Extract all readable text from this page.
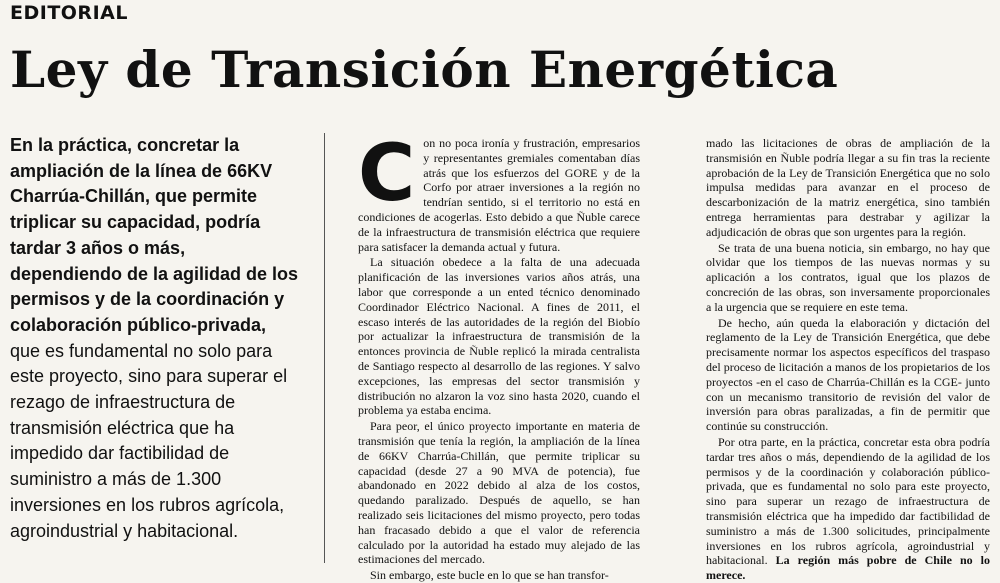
EDITORIAL
Ley de Transición Energética
En la práctica, concretar la ampliación de la línea de 66KV Charrúa-Chillán, que permite triplicar su capacidad, podría tardar 3 años o más, dependiendo de la agilidad de los permisos y de la coordinación y colaboración público-privada, que es fundamental no solo para este proyecto, sino para superar el rezago de infraestructura de transmisión eléctrica que ha impedido dar factibilidad de suministro a más de 1.300 inversiones en los rubros agrícola, agroindustrial y habitacional.

Con no poca ironía y frustración, empresarios y representantes gremiales comentaban días atrás que los esfuerzos del GORE y de la Corfo por atraer inversiones a la región no tendrían sentido, si el territorio no está en condiciones de acogerlas. Esto debido a que Ñuble carece de la infraestructura de transmisión eléctrica que requiere para satisfacer la demanda actual y futura.

La situación obedece a la falta de una adecuada planificación de las inversiones varios años atrás, una labor que corresponde a un ented técnico denominado Coordinador Eléctrico Nacional. A fines de 2011, el escaso interés de las autoridades de la región del Biobío por actualizar la infraestructura de transmisión de la entonces provincia de Ñuble replicó la mirada centralista de Santiago respecto al desarrollo de las regiones. Y salvo excepciones, las empresas del sector transmisión y distribución no alzaron la voz sino hasta 2020, cuando el problema ya estaba encima.

Para peor, el único proyecto importante en materia de transmisión que tenía la región, la ampliación de la línea de 66KV Charrúa-Chillán, que permite triplicar su capacidad (desde 27 a 90 MVA de potencia), fue abandonado en 2022 debido al alza de los costos, quedando paralizado. Después de aquello, se han realizado seis licitaciones del mismo proyecto, pero todas han fracasado debido a que el valor de referencia calculado por la autoridad ha estado muy alejado de las estimaciones del mercado.

Sin embargo, este bucle en lo que se han transfor-

mado las licitaciones de obras de ampliación de la transmisión en Ñuble podría llegar a su fin tras la reciente aprobación de la Ley de Transición Energética que no solo impulsa medidas para avanzar en el proceso de descarbonización de la matriz energética, sino también entrega herramientas para destrabar y agilizar la adjudicación de obras que son urgentes para la región.

Se trata de una buena noticia, sin embargo, no hay que olvidar que los tiempos de las nuevas normas y su aplicación a los contratos, igual que los plazos de concreción de las obras, son inversamente proporcionales a la urgencia que se requiere en este tema.

De hecho, aún queda la elaboración y dictación del reglamento de la Ley de Transición Energética, que debe precisamente normar los aspectos específicos del traspaso del proceso de licitación a manos de los propietarios de los proyectos -en el caso de Charrúa-Chillán es la CGE- junto con un mecanismo transitorio de revisión del valor de inversión para obras paralizadas, a fin de permitir que continúe su construcción.

Por otra parte, en la práctica, concretar esta obra podría tardar tres años o más, dependiendo de la agilidad de los permisos y de la coordinación y colaboración público-privada, que es fundamental no solo para este proyecto, sino para superar un rezago de infraestructura de transmisión eléctrica que ha impedido dar factibilidad de suministro a más de 1.300 solicitudes, principalmente inversiones en los rubros agrícola, agroindustrial y habitacional. La región más pobre de Chile no lo merece.
